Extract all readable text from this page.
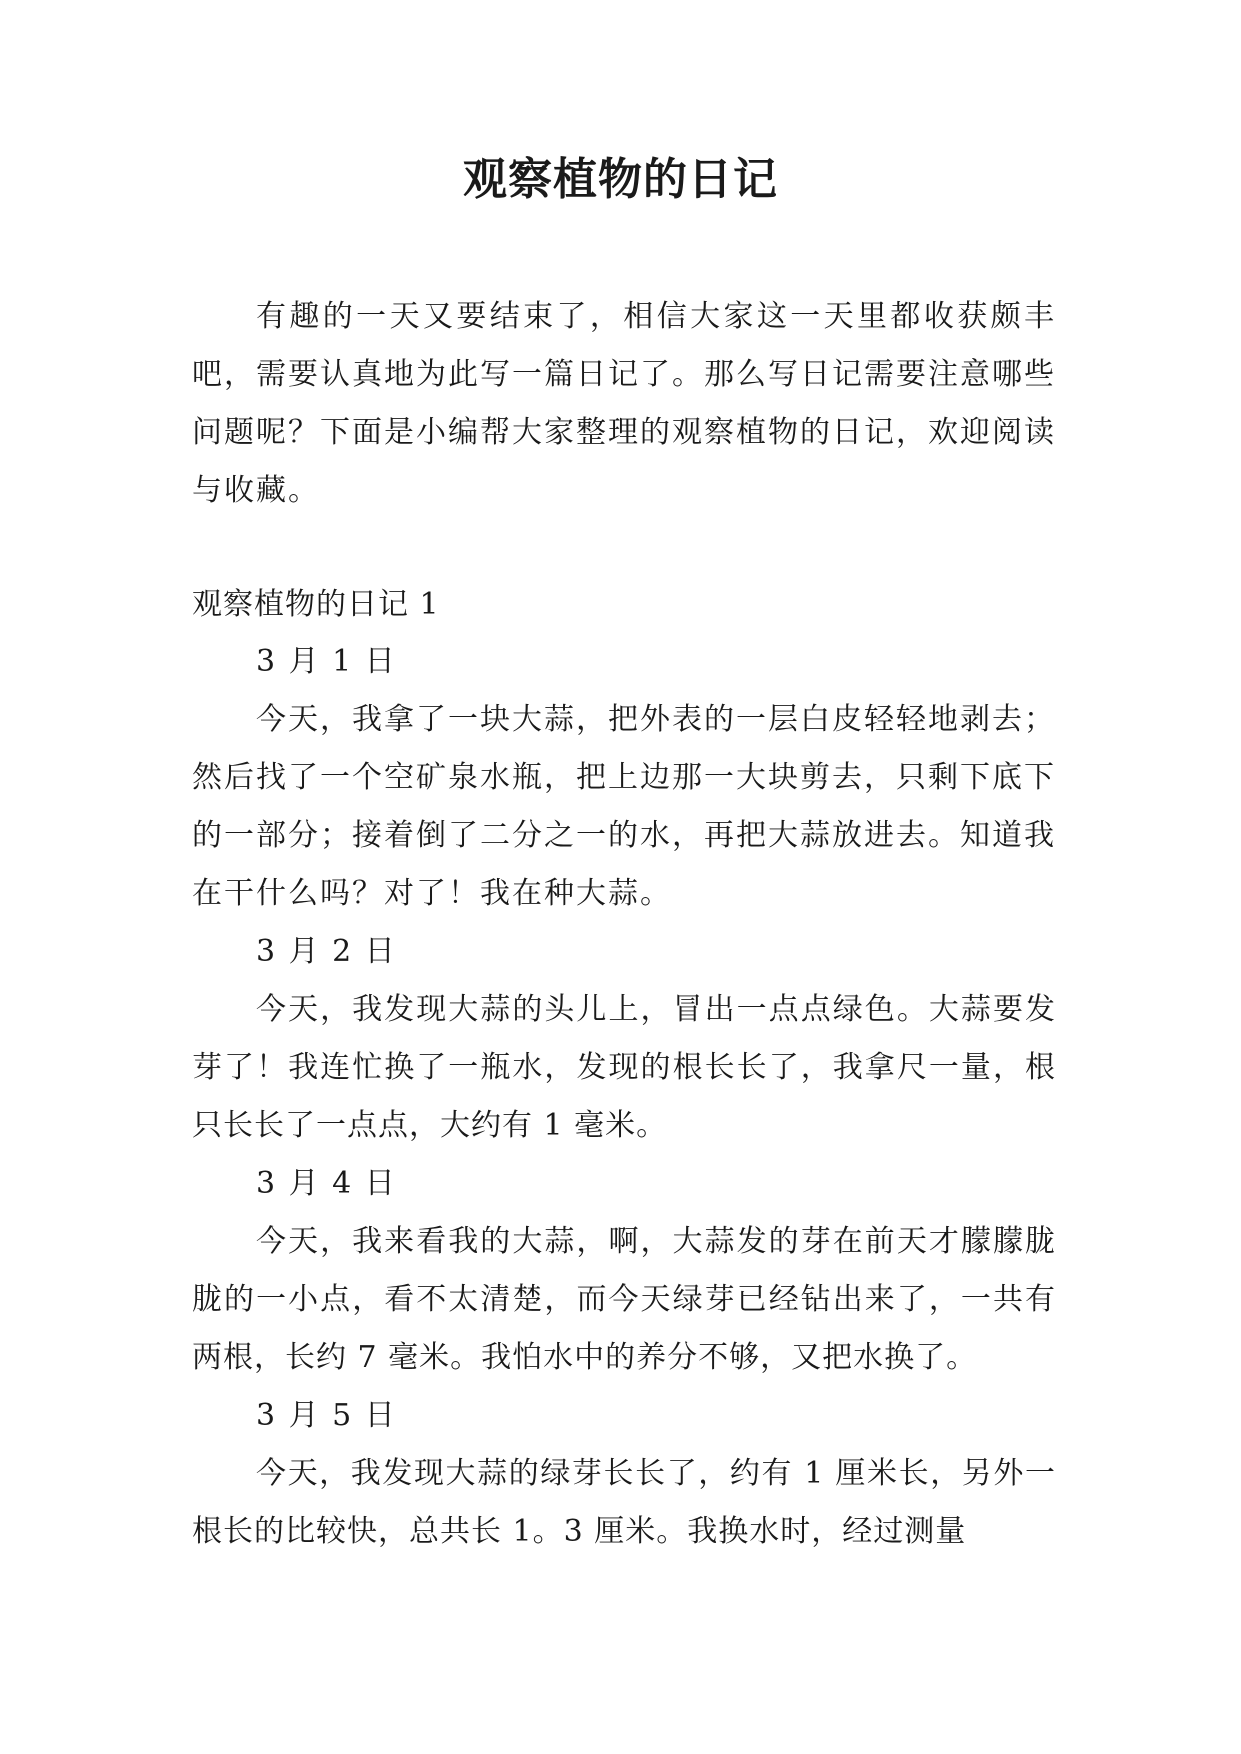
观察植物的日记

有趣的一天又要结束了，相信大家这一天里都收获颇丰吧，需要认真地为此写一篇日记了。那么写日记需要注意哪些问题呢？下面是小编帮大家整理的观察植物的日记，欢迎阅读与收藏。

观察植物的日记 1

3 月 1 日

今天，我拿了一块大蒜，把外表的一层白皮轻轻地剥去；然后找了一个空矿泉水瓶，把上边那一大块剪去，只剩下底下的一部分；接着倒了二分之一的水，再把大蒜放进去。知道我在干什么吗？对了！我在种大蒜。

3 月 2 日

今天，我发现大蒜的头儿上，冒出一点点绿色。大蒜要发芽了！我连忙换了一瓶水，发现的根长长了，我拿尺一量，根只长长了一点点，大约有 1 毫米。

3 月 4 日

今天，我来看我的大蒜，啊，大蒜发的芽在前天才朦朦胧胧的一小点，看不太清楚，而今天绿芽已经钻出来了，一共有两根，长约 7 毫米。我怕水中的养分不够，又把水换了。

3 月 5 日

今天，我发现大蒜的绿芽长长了，约有 1 厘米长，另外一根长的比较快，总共长 1。3 厘米。我换水时，经过测量
